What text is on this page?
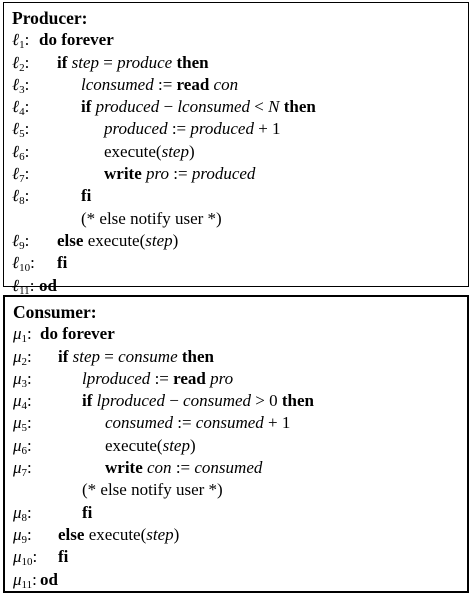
Producer:
ℓ$_1$: do forever
ℓ$_2$: if step = produce then
ℓ$_3$:	lconsumed := read con
ℓ$_4$:	if produced − lconsumed < N then
ℓ$_5$:	produced := produced + 1
ℓ$_6$:	execute(step)
ℓ$_7$:	write pro := produced
ℓ$_8$:	fi
(* else notify user *)
ℓ$_9$: else execute(step)
ℓ$_{10}$: fi
ℓ$_{11}$: od
Consumer:
$\mu_1$: do forever
$\mu_2$: if step = consume then
$\mu_3$:	lproduced := read pro
$\mu_4$:	if lproduced − consumed > 0 then
$\mu_5$:	consumed := consumed + 1
$\mu_6$:	execute(step)
$\mu_7$:	write con := consumed
(* else notify user *)
$\mu_8$:	fi
$\mu_9$: else execute(step)
$\mu_{10}$: fi
$\mu_{11}$: od
